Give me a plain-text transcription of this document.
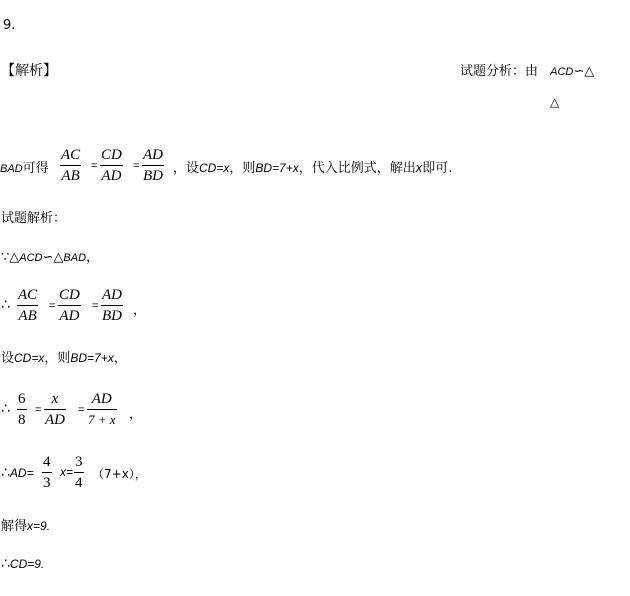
9.
【解析】	试题分析：由 ACD∽△
△
BAD可得
AC
AB
=
CD
AD
=
AD
BD ，设CD=x，则BD=7+x，代入比例式，解出x即可.
试题解析：
∵△ACD∽△BAD，
∴
AC
AB
=
CD
AD
=
AD
BD ，
设CD=x，则BD=7+x，
∴
6
8
=
x
AD
=
AD
7 + x ，
∴AD=
4
3
x=
3
4
（7+x），
解得x=9.
∴CD=9.
